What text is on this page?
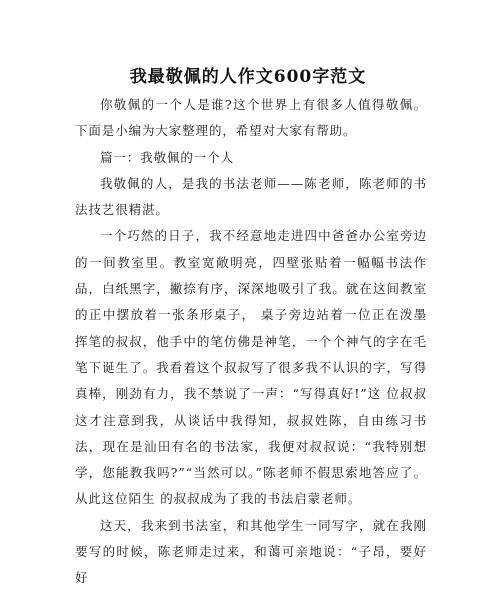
我最敬佩的人作文600字范文

你敬佩的一个人是谁?这个世界上有很多人值得敬佩。下面是小编为大家整理的，希望对大家有帮助。

篇一：我敬佩的一个人

我敬佩的人，是我的书法老师——陈老师，陈老师的书法技艺很精湛。

一个巧然的日子，我不经意地走进四中爸爸办公室旁边的一间教室里。教室宽敞明亮，四壁张贴着一幅幅书法作品，白纸黑字，撇捺有序，深深地吸引了我。就在这间教室的正中摆放着一张条形桌子， 桌子旁边站着一位正在泼墨挥笔的叔叔，他手中的笔仿佛是神笔，一个个神气的字在毛笔下诞生了。我看着这个叔叔写了很多我不认识的字，写得真棒，刚劲有力，我不禁说了一声：“写得真好!”这 位叔叔这才注意到我，从谈话中我得知，叔叔姓陈，自由练习书法，现在是汕田有名的书法家，我便对叔叔说：“我特别想学，您能教我吗?”“当然可以。”陈老师不假思索地答应了。从此这位陌生 的叔叔成为了我的书法启蒙老师。

这天，我来到书法室，和其他学生一同写字，就在我刚要写的时候，陈老师走过来，和蔼可亲地说：“子昂，要好好
